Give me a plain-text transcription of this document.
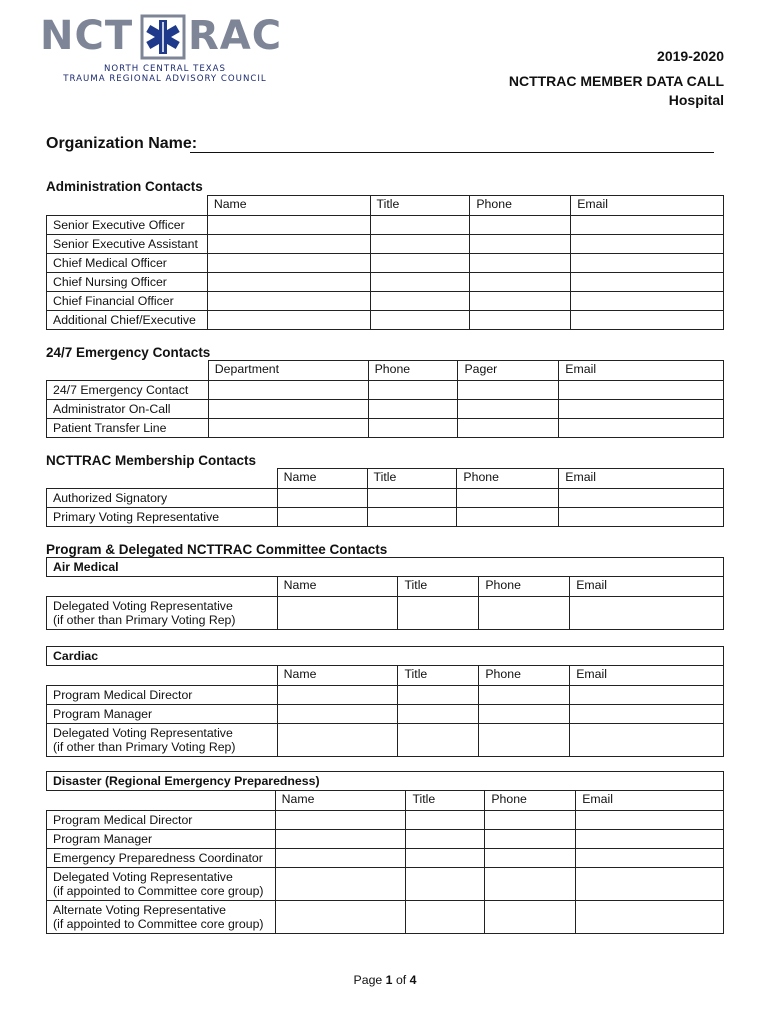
NCT RAC
NORTH CENTRAL TEXAS
TRAUMA REGIONAL ADVISORY COUNCIL
2019-2020
NCTTRAC MEMBER DATA CALL
Hospital
Organization Name:
Administration Contacts
	Name	Title	Phone	Email
Senior Executive Officer				
Senior Executive Assistant				
Chief Medical Officer				
Chief Nursing Officer				
Chief Financial Officer				
Additional Chief/Executive				
24/7 Emergency Contacts
	Department	Phone	Pager	Email
24/7 Emergency Contact				
Administrator On-Call				
Patient Transfer Line				
NCTTRAC Membership Contacts
	Name	Title	Phone	Email
Authorized Signatory				
Primary Voting Representative				
Program & Delegated NCTTRAC Committee Contacts
Air Medical				
	Name	Title	Phone	Email

Delegated Voting Representative
(if other than Primary Voting Rep)				

Cardiac				
	Name	Title	Phone	Email
Program Medical Director				
Program Manager				

Delegated Voting Representative
(if other than Primary Voting Rep)				

Disaster (Regional Emergency Preparedness)				
	Name	Title	Phone	Email
Program Medical Director				
Program Manager				
Emergency Preparedness Coordinator				

Delegated Voting Representative
(if appointed to Committee core group)				

Alternate Voting Representative
(if appointed to Committee core group)				

Page 1 of 4
